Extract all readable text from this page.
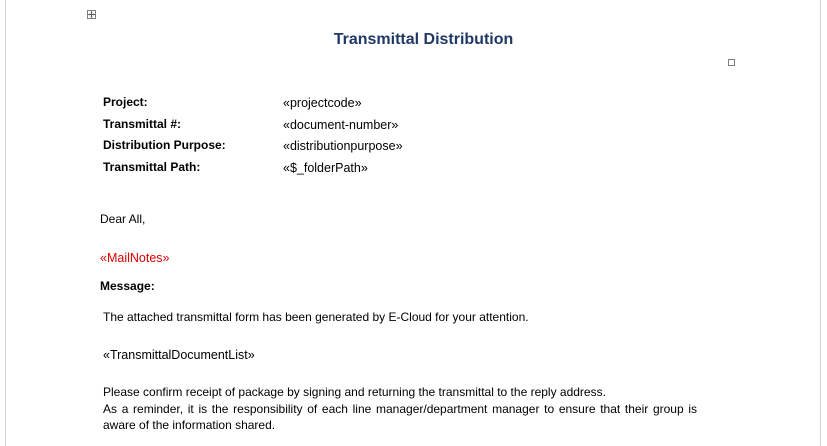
Transmittal Distribution
Project:	«projectcode»
Transmittal #:	«document-number»
Distribution Purpose:	«distributionpurpose»
Transmittal Path:	«$_folderPath»
Dear All,
«MailNotes»
Message:
The attached transmittal form has been generated by E-Cloud for your attention.
«TransmittalDocumentList»
Please confirm receipt of package by signing and returning the transmittal to the reply address.
As a reminder, it is the responsibility of each line manager/department manager to ensure that their group is aware of the information shared.
